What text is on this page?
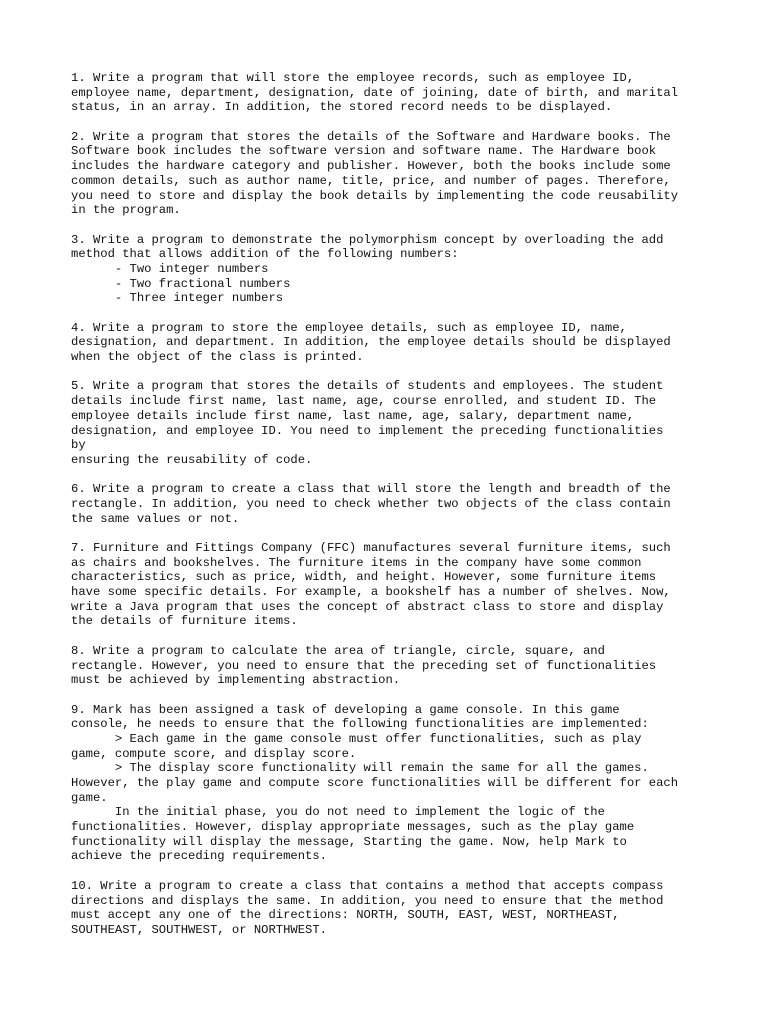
1. Write a program that will store the employee records, such as employee ID,
employee name, department, designation, date of joining, date of birth, and marital
status, in an array. In addition, the stored record needs to be displayed.
2. Write a program that stores the details of the Software and Hardware books. The
Software book includes the software version and software name. The Hardware book
includes the hardware category and publisher. However, both the books include some
common details, such as author name, title, price, and number of pages. Therefore,
you need to store and display the book details by implementing the code reusability
in the program.
3. Write a program to demonstrate the polymorphism concept by overloading the add
method that allows addition of the following numbers:
- Two integer numbers
- Two fractional numbers
- Three integer numbers
4. Write a program to store the employee details, such as employee ID, name,
designation, and department. In addition, the employee details should be displayed
when the object of the class is printed.
5. Write a program that stores the details of students and employees. The student
details include first name, last name, age, course enrolled, and student ID. The
employee details include first name, last name, age, salary, department name,
designation, and employee ID. You need to implement the preceding functionalities
by
ensuring the reusability of code.
6. Write a program to create a class that will store the length and breadth of the
rectangle. In addition, you need to check whether two objects of the class contain
the same values or not.
7. Furniture and Fittings Company (FFC) manufactures several furniture items, such
as chairs and bookshelves. The furniture items in the company have some common
characteristics, such as price, width, and height. However, some furniture items
have some specific details. For example, a bookshelf has a number of shelves. Now,
write a Java program that uses the concept of abstract class to store and display
the details of furniture items.
8. Write a program to calculate the area of triangle, circle, square, and
rectangle. However, you need to ensure that the preceding set of functionalities
must be achieved by implementing abstraction.
9. Mark has been assigned a task of developing a game console. In this game
console, he needs to ensure that the following functionalities are implemented:
> Each game in the game console must offer functionalities, such as play
game, compute score, and display score.
> The display score functionality will remain the same for all the games.
However, the play game and compute score functionalities will be different for each
game.
In the initial phase, you do not need to implement the logic of the
functionalities. However, display appropriate messages, such as the play game
functionality will display the message, Starting the game. Now, help Mark to
achieve the preceding requirements.
10. Write a program to create a class that contains a method that accepts compass
directions and displays the same. In addition, you need to ensure that the method
must accept any one of the directions: NORTH, SOUTH, EAST, WEST, NORTHEAST,
SOUTHEAST, SOUTHWEST, or NORTHWEST.
